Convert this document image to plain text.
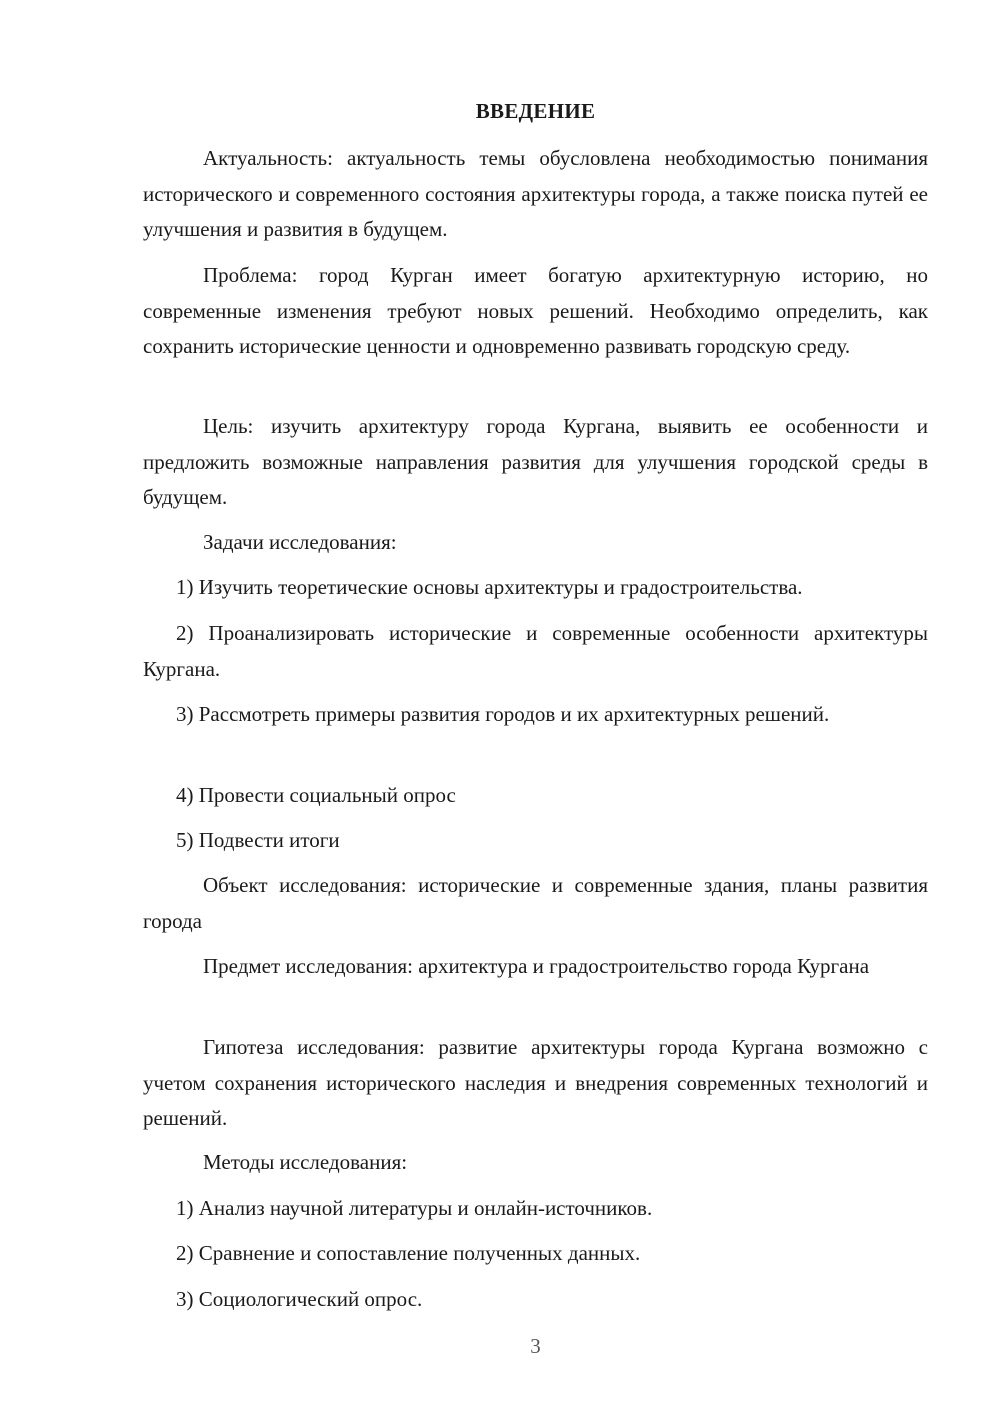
ВВЕДЕНИЕ

Актуальность: актуальность темы обусловлена необходимостью понимания исторического и современного состояния архитектуры города, а также поиска путей ее улучшения и развития в будущем.

Проблема: город Курган имеет богатую архитектурную историю, но современные изменения требуют новых решений. Необходимо определить, как сохранить исторические ценности и одновременно развивать городскую среду.

Цель: изучить архитектуру города Кургана, выявить ее особенности и предложить возможные направления развития для улучшения городской среды в будущем.

Задачи исследования:

1) Изучить теоретические основы архитектуры и градостроительства.

2) Проанализировать исторические и современные особенности архитектуры Кургана.

3) Рассмотреть примеры развития городов и их архитектурных решений.

4) Провести социальный опрос

5) Подвести итоги

Объект исследования: исторические и современные здания, планы развития города

Предмет исследования: архитектура и градостроительство города Кургана

Гипотеза исследования: развитие архитектуры города Кургана возможно с учетом сохранения исторического наследия и внедрения современных технологий и решений.

Методы исследования:

1) Анализ научной литературы и онлайн-источников.

2) Сравнение и сопоставление полученных данных.

3) Социологический опрос.

3
